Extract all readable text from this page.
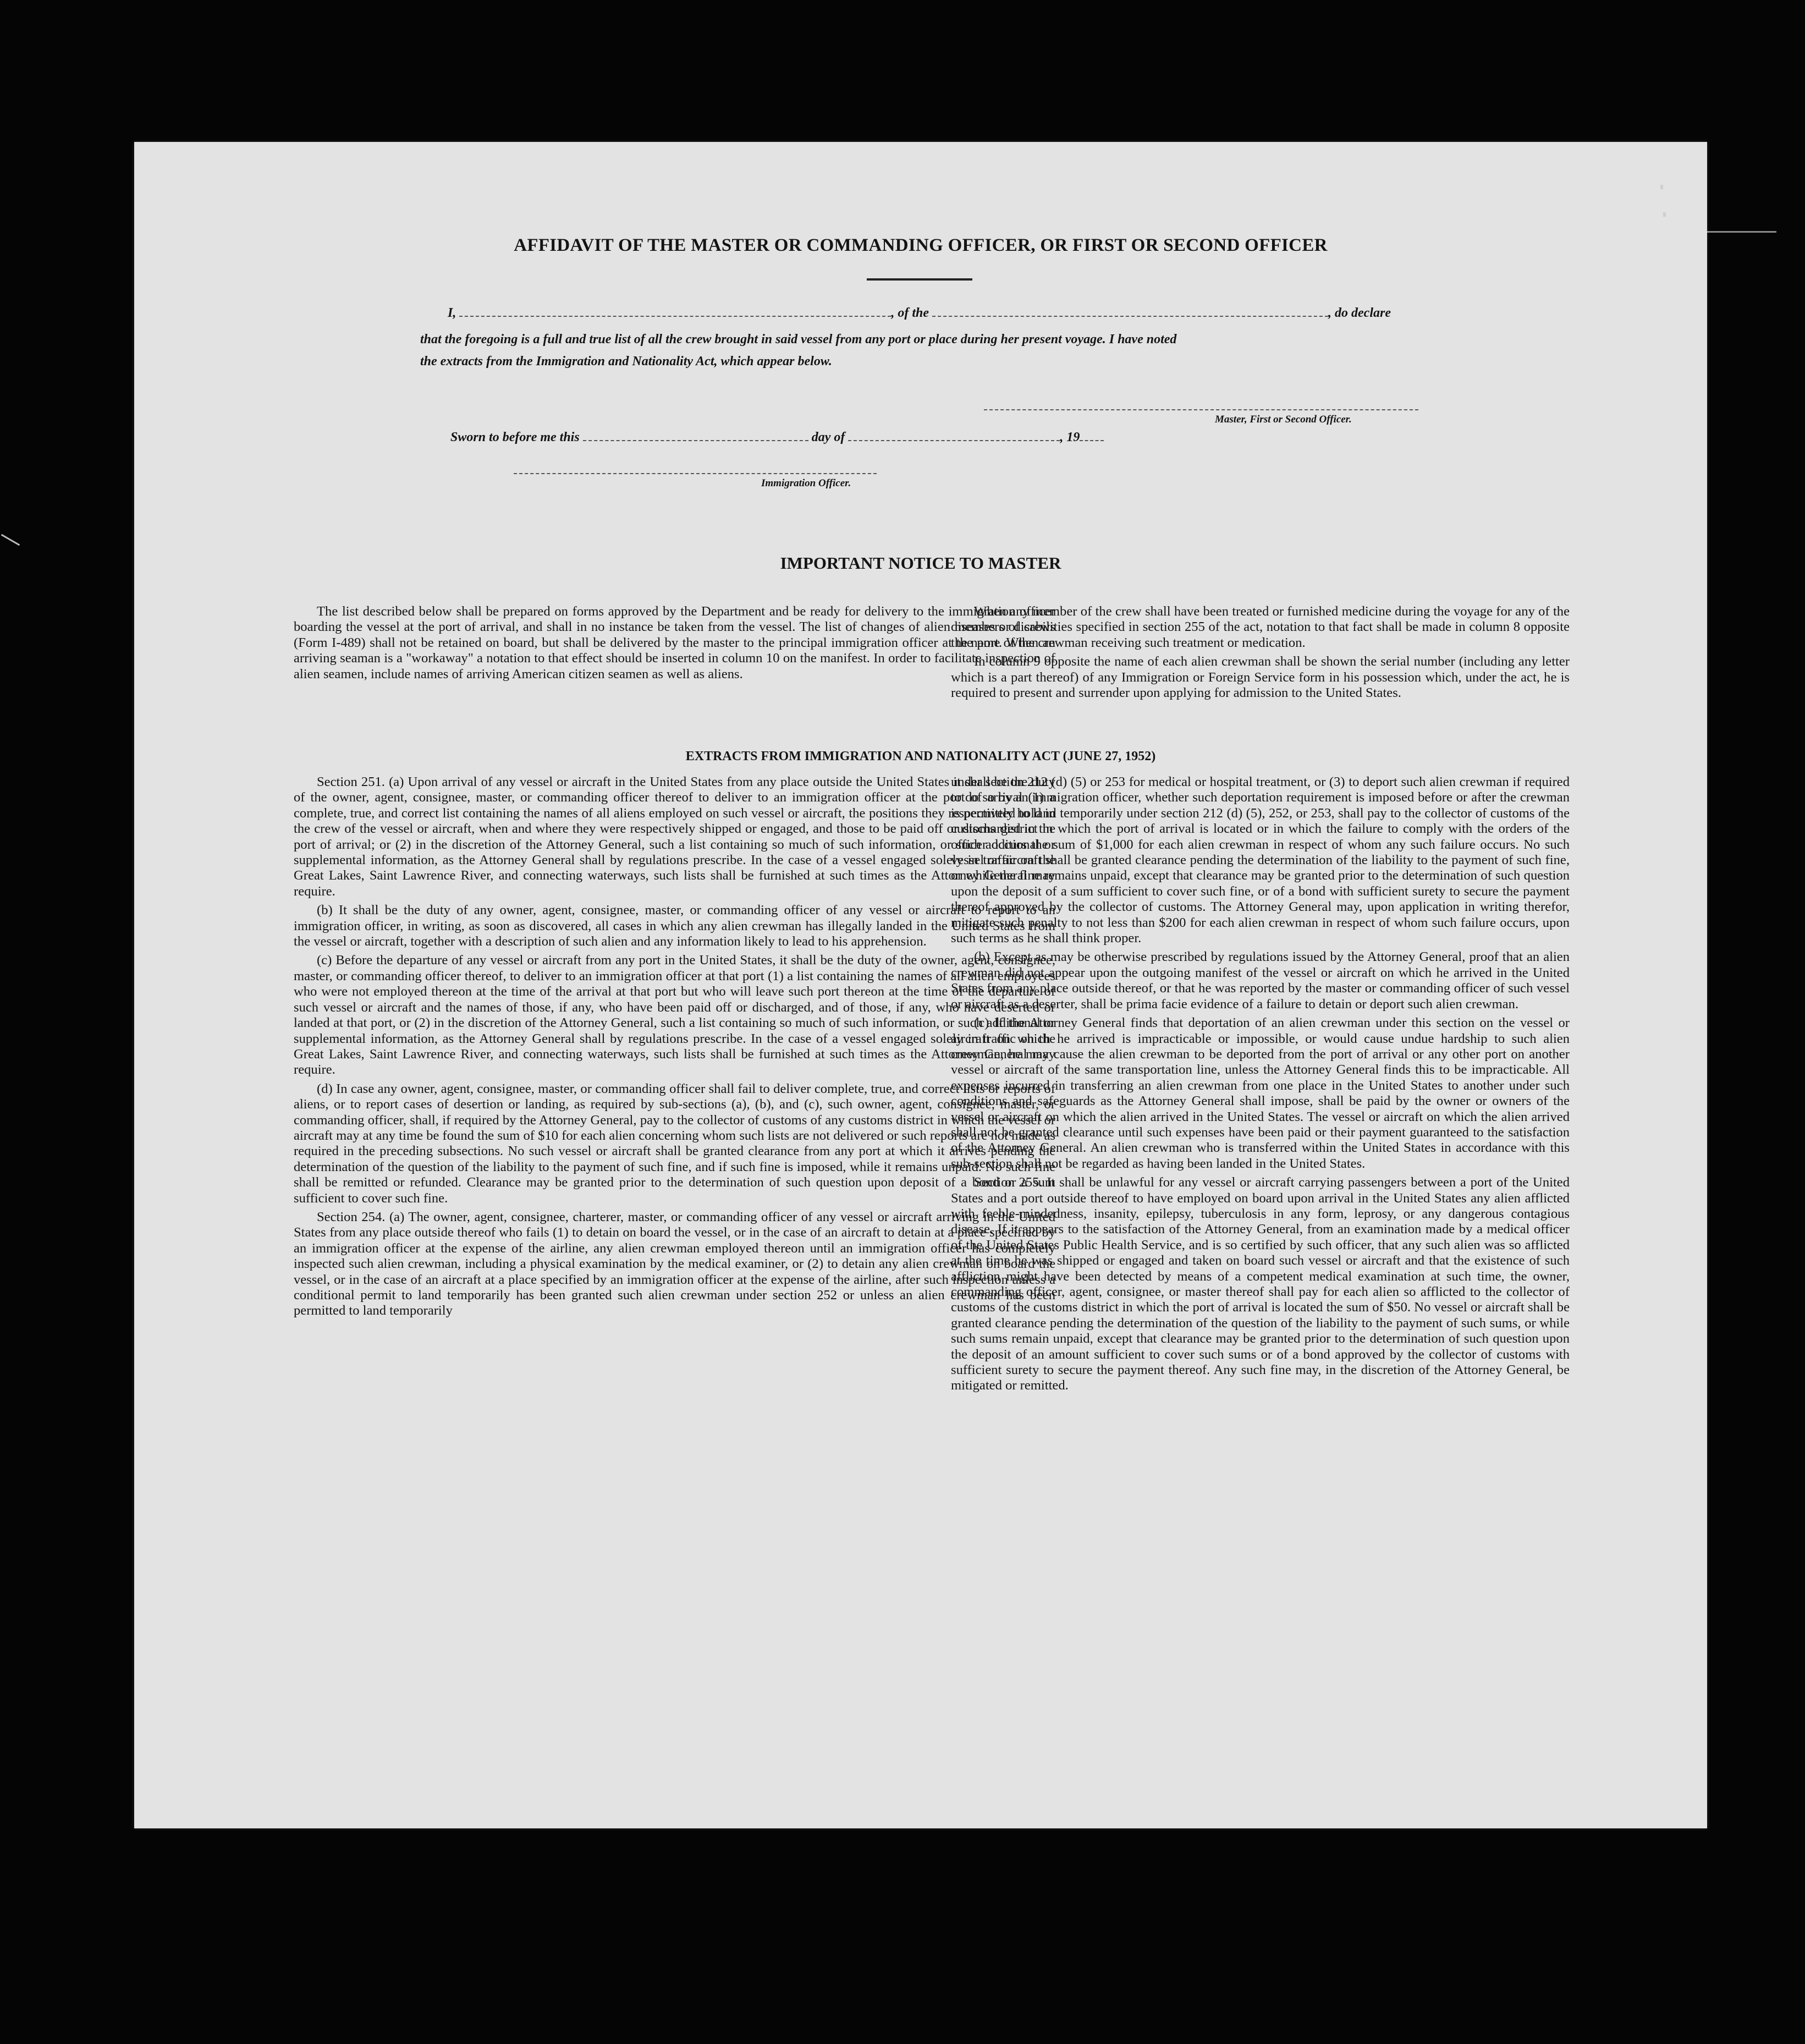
AFFIDAVIT OF THE MASTER OR COMMANDING OFFICER, OR FIRST OR SECOND OFFICER
I,	, of the	, do declare
that the foregoing is a full and true list of all the crew brought in said vessel from any port or place during her present voyage. I have noted
the extracts from the Immigration and Nationality Act, which appear below.
Master, First or Second Officer.
Sworn to before me this	day of	, 19
Immigration Officer.
IMPORTANT NOTICE TO MASTER

The list described below shall be prepared on forms approved by the Department and be ready for delivery to the immigration officer boarding the vessel at the port of arrival, and shall in no instance be taken from the vessel. The list of changes of alien members of crews (Form I-489) shall not be retained on board, but shall be delivered by the master to the principal immigration officer at the port. When an arriving seaman is a "workaway" a notation to that effect should be inserted in column 10 on the manifest. In order to facilitate inspection of alien seamen, include names of arriving American citizen seamen as well as aliens.

When any member of the crew shall have been treated or furnished medicine during the voyage for any of the diseases or disabilities specified in section 255 of the act, notation to that fact shall be made in column 8 opposite the name of the crewman receiving such treatment or medication.

In column 9 opposite the name of each alien crewman shall be shown the serial number (including any letter which is a part thereof) of any Immigration or Foreign Service form in his possession which, under the act, he is required to present and surrender upon applying for admission to the United States.

EXTRACTS FROM IMMIGRATION AND NATIONALITY ACT (JUNE 27, 1952)

Section 251. (a) Upon arrival of any vessel or aircraft in the United States from any place outside the United States it shall be the duty of the owner, agent, consignee, master, or commanding officer thereof to deliver to an immigration officer at the port of arrival (1) a complete, true, and correct list containing the names of all aliens employed on such vessel or aircraft, the positions they respectively hold in the crew of the vessel or aircraft, when and where they were respectively shipped or engaged, and those to be paid off or discharged in the port of arrival; or (2) in the discretion of the Attorney General, such a list containing so much of such information, or such additional or supplemental information, as the Attorney General shall by regulations prescribe. In the case of a vessel engaged solely in traffic on the Great Lakes, Saint Lawrence River, and connecting waterways, such lists shall be furnished at such times as the Attorney General may require.

(b) It shall be the duty of any owner, agent, consignee, master, or commanding officer of any vessel or aircraft to report to an immigration officer, in writing, as soon as discovered, all cases in which any alien crewman has illegally landed in the United States from the vessel or aircraft, together with a description of such alien and any information likely to lead to his apprehension.

(c) Before the departure of any vessel or aircraft from any port in the United States, it shall be the duty of the owner, agent, consignee, master, or commanding officer thereof, to deliver to an immigration officer at that port (1) a list containing the names of all alien employees who were not employed thereon at the time of the arrival at that port but who will leave such port thereon at the time of the departure of such vessel or aircraft and the names of those, if any, who have been paid off or discharged, and of those, if any, who have deserted or landed at that port, or (2) in the discretion of the Attorney General, such a list containing so much of such information, or such additional or supplemental information, as the Attorney General shall by regulations prescribe. In the case of a vessel engaged solely in traffic on the Great Lakes, Saint Lawrence River, and connecting waterways, such lists shall be furnished at such times as the Attorney General may require.

(d) In case any owner, agent, consignee, master, or commanding officer shall fail to deliver complete, true, and correct lists or reports of aliens, or to report cases of desertion or landing, as required by sub-sections (a), (b), and (c), such owner, agent, consignee, master, or commanding officer, shall, if required by the Attorney General, pay to the collector of customs of any customs district in which the vessel or aircraft may at any time be found the sum of $10 for each alien concerning whom such lists are not delivered or such reports are not made as required in the preceding subsections. No such vessel or aircraft shall be granted clearance from any port at which it arrives pending the determination of the question of the liability to the payment of such fine, and if such fine is imposed, while it remains unpaid. No such fine shall be remitted or refunded. Clearance may be granted prior to the determination of such question upon deposit of a bond or a sum sufficient to cover such fine.

Section 254. (a) The owner, agent, consignee, charterer, master, or commanding officer of any vessel or aircraft arriving in the United States from any place outside thereof who fails (1) to detain on board the vessel, or in the case of an aircraft to detain at a place specified by an immigration officer at the expense of the airline, any alien crewman employed thereon until an immigration officer has completely inspected such alien crewman, including a physical examination by the medical examiner, or (2) to detain any alien crewman on board the vessel, or in the case of an aircraft at a place specified by an immigration officer at the expense of the airline, after such inspection unless a conditional permit to land temporarily has been granted such alien crewman under section 252 or unless an alien crewman has been permitted to land temporarily

under section 212 (d) (5) or 253 for medical or hospital treatment, or (3) to deport such alien crewman if required to do so by an immigration officer, whether such deportation requirement is imposed before or after the crewman is permitted to land temporarily under section 212 (d) (5), 252, or 253, shall pay to the collector of customs of the customs district in which the port of arrival is located or in which the failure to comply with the orders of the officer occurs the sum of $1,000 for each alien crewman in respect of whom any such failure occurs. No such vessel or aircraft shall be granted clearance pending the determination of the liability to the payment of such fine, or while the fine remains unpaid, except that clearance may be granted prior to the determination of such question upon the deposit of a sum sufficient to cover such fine, or of a bond with sufficient surety to secure the payment thereof approved by the collector of customs. The Attorney General may, upon application in writing therefor, mitigate such penalty to not less than $200 for each alien crewman in respect of whom such failure occurs, upon such terms as he shall think proper.

(b) Except as may be otherwise prescribed by regulations issued by the Attorney General, proof that an alien crewman did not appear upon the outgoing manifest of the vessel or aircraft on which he arrived in the United States from any place outside thereof, or that he was reported by the master or commanding officer of such vessel or aircraft as a deserter, shall be prima facie evidence of a failure to detain or deport such alien crewman.

(c) If the Attorney General finds that deportation of an alien crewman under this section on the vessel or aircraft on which he arrived is impracticable or impossible, or would cause undue hardship to such alien crewman, he may cause the alien crewman to be deported from the port of arrival or any other port on another vessel or aircraft of the same transportation line, unless the Attorney General finds this to be impracticable. All expenses incurred in transferring an alien crewman from one place in the United States to another under such conditions and safeguards as the Attorney General shall impose, shall be paid by the owner or owners of the vessel or aircraft on which the alien arrived in the United States. The vessel or aircraft on which the alien arrived shall not be granted clearance until such expenses have been paid or their payment guaranteed to the satisfaction of the Attorney General. An alien crewman who is transferred within the United States in accordance with this sub-section shall not be regarded as having been landed in the United States.

Section 255. It shall be unlawful for any vessel or aircraft carrying passengers between a port of the United States and a port outside thereof to have employed on board upon arrival in the United States any alien afflicted with feeble-mindedness, insanity, epilepsy, tuberculosis in any form, leprosy, or any dangerous contagious disease. If it appears to the satisfaction of the Attorney General, from an examination made by a medical officer of the United States Public Health Service, and is so certified by such officer, that any such alien was so afflicted at the time he was shipped or engaged and taken on board such vessel or aircraft and that the existence of such affliction might have been detected by means of a competent medical examination at such time, the owner, commanding officer, agent, consignee, or master thereof shall pay for each alien so afflicted to the collector of customs of the customs district in which the port of arrival is located the sum of $50. No vessel or aircraft shall be granted clearance pending the determination of the question of the liability to the payment of such sums, or while such sums remain unpaid, except that clearance may be granted prior to the determination of such question upon the deposit of an amount sufficient to cover such sums or of a bond approved by the collector of customs with sufficient surety to secure the payment thereof. Any such fine may, in the discretion of the Attorney General, be mitigated or remitted.
